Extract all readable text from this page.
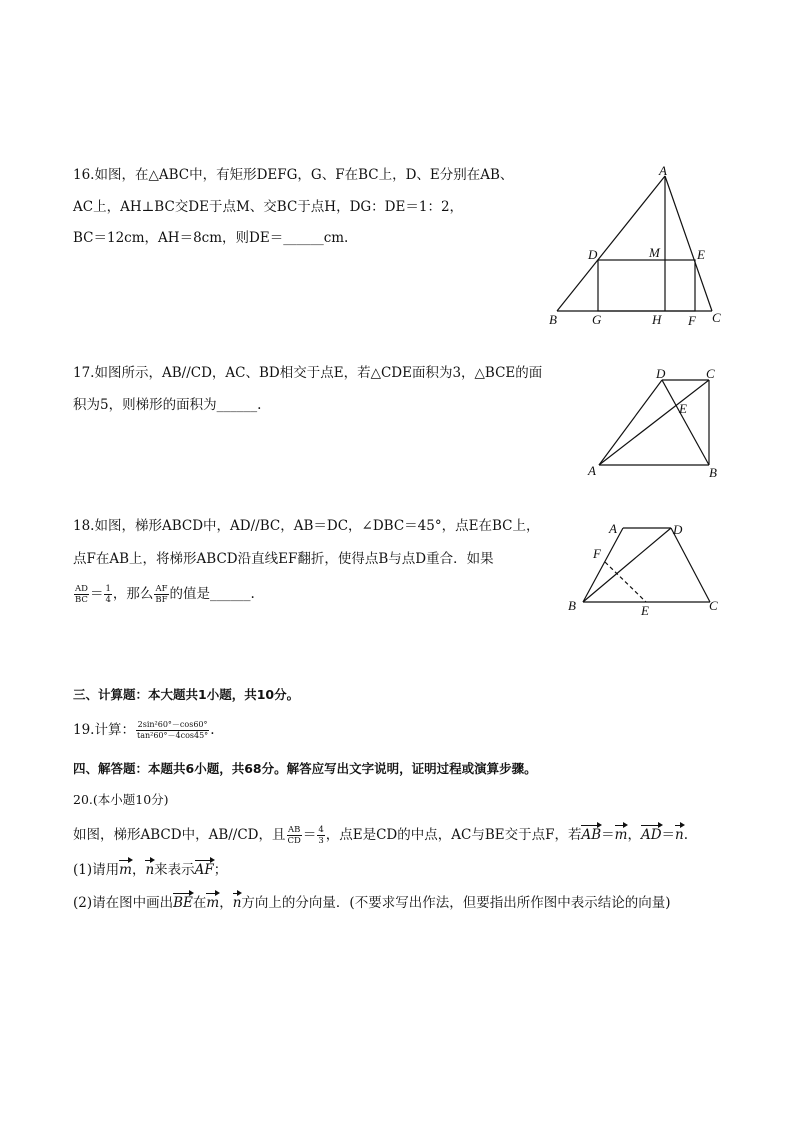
16.如图，在△ABC中，有矩形DEFG，G、F在BC上，D、E分别在AB、
AC上，AH⊥BC交DE于点M、交BC于点H，DG：DE＝1：2，
BC＝12cm，AH＝8cm，则DE＝______cm.
A
D	M	E
B	G	H F C
17.如图所示，AB//CD，AC、BD相交于点E，若△CDE面积为3，△BCE的面
积为5，则梯形的面积为______.
D	C
E
A	B
18.如图，梯形ABCD中，AD//BC，AB＝DC，∠DBC＝45°，点E在BC上，
点F在AB上，将梯形ABCD沿直线EF翻折，使得点B与点D重合．如果
$\frac{AD}{BC} = \frac{1}{4}$ ，那么 $\frac{AF}{BF}$ 的值是______.
A	D
F
B	E	C
三、计算题：本大题共1小题，共10分。
19.计算： $\frac{\text{2sin²60°－cos60°}}{\text{tan²60°－4cos45°}}$ .
四、解答题：本题共6小题，共68分。解答应写出文字说明，证明过程或演算步骤。
20.(本小题10分)
如图，梯形ABCD中，AB//CD，且 $\frac{AB}{CD} = \frac{4}{3}$ ，点E是CD的中点，AC与BE交于点F，若AB＝m，AD＝n.
(1)请用m，n来表示AF；
(2)请在图中画出BE在m，n方向上的分向量．(不要求写出作法，但要指出所作图中表示结论的向量)
